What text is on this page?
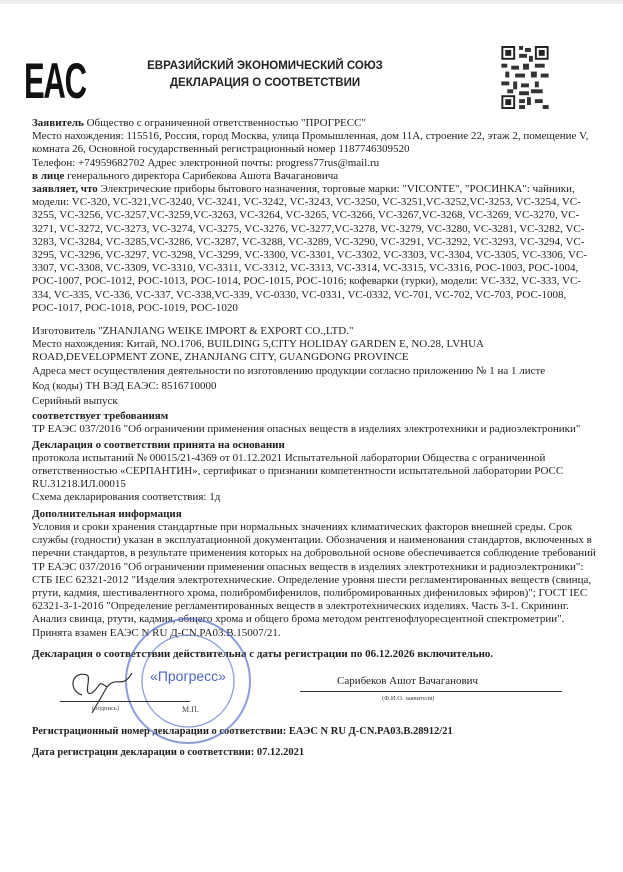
EAC	ЕВРАЗИЙСКИЙ ЭКОНОМИЧЕСКИЙ СОЮЗ
ДЕКЛАРАЦИЯ О СООТВЕТСТВИИ

Заявитель Общество с ограниченной ответственностью "ПРОГРЕСС"

Место нахождения: 115516, Россия, город Москва, улица Промышленная, дом 11А, строение 22, этаж 2, помещение V, комната 26, Основной государственный регистрационный номер 1187746309520

Телефон: +74959682702 Адрес электронной почты: progress77rus@mail.ru

в лице генерального директора Сарибекова Ашота Вачагановича

заявляет, что Электрические приборы бытового назначения, торговые марки: "VICONTE", "РОСИНКА": чайники, модели: VC-320, VC-321,VC-3240, VC-3241, VC-3242, VC-3243, VC-3250, VC-3251,VC-3252,VC-3253, VC-3254, VC-3255, VC-3256, VC-3257,VC-3259,VC-3263, VC-3264, VC-3265, VC-3266, VC-3267,VC-3268, VC-3269, VC-3270, VC-3271, VC-3272, VC-3273, VC-3274, VC-3275, VC-3276, VC-3277,VC-3278, VC-3279, VC-3280, VC-3281, VC-3282, VC-3283, VC-3284, VC-3285,VC-3286, VC-3287, VC-3288, VC-3289, VC-3290, VC-3291, VC-3292, VC-3293, VC-3294, VC-3295, VC-3296, VC-3297, VC-3298, VC-3299, VC-3300, VC-3301, VC-3302, VC-3303, VC-3304, VC-3305, VC-3306, VC-3307, VC-3308, VC-3309, VC-3310, VC-3311, VC-3312, VC-3313, VC-3314, VC-3315, VC-3316, РОС-1003, РОС-1004, РОС-1007, РОС-1012, РОС-1013, РОС-1014, РОС-1015, РОС-1016; кофеварки (турки), модели: VC-332, VC-333, VC-334, VC-335, VC-336, VC-337, VC-338,VC-339, VC-0330, VC-0331, VC-0332, VC-701, VC-702, VC-703, РОС-1008, РОС-1017, РОС-1018, РОС-1019, РОС-1020

Изготовитель "ZHANJIANG WEIKE IMPORT & EXPORT CO.,LTD."

Место нахождения: Китай, NO.1706, BUILDING 5,CITY HOLIDAY GARDEN E, NO.28, LVHUA ROAD,DEVELOPMENT ZONE, ZHANJIANG CITY, GUANGDONG PROVINCE

Адреса мест осуществления деятельности по изготовлению продукции согласно приложению № 1 на 1 листе

Код (коды) ТН ВЭД ЕАЭС: 8516710000

Серийный выпуск

соответствует требованиям

ТР ЕАЭС 037/2016 "Об ограничении применения опасных веществ в изделиях электротехники и радиоэлектроники"

Декларация о соответствии принята на основании

протокола испытаний № 00015/21-4369 от 01.12.2021 Испытательной лаборатории Общества с ограниченной ответственностью «СЕРПАНТИН», сертификат о признании компетентности испытательной лаборатории РОСС RU.31218.ИЛ.00015

Схема декларирования соответствия: 1д

Дополнительная информация

Условия и сроки хранения стандартные при нормальных значениях климатических факторов внешней среды. Срок службы (годности) указан в эксплуатационной документации. Обозначения и наименования стандартов, включенных в перечни стандартов, в результате применения которых на добровольной основе обеспечивается соблюдение требований ТР ЕАЭС 037/2016 "Об ограничении применения опасных веществ в изделиях электротехники и радиоэлектроники": СТБ IEC 62321-2012 "Изделия электротехнические. Определение уровня шести регламентированных веществ (свинца, ртути, кадмия, шестивалентного хрома, полибромбифенилов, полибромированных дифениловых эфиров)"; ГОСТ IEC 62321-3-1-2016 "Определение регламентированных веществ в электротехнических изделиях. Часть 3-1. Скрининг. Анализ свинца, ртути, кадмия, общего хрома и общего брома методом рентгенофлуоресцентной спектрометрии".

Принята взамен ЕАЭС N RU Д-CN.PA03.B.15007/21.

Декларация о соответствии действительна с даты регистрации по 06.12.2026 включительно.

«Прогресс»
(подпись)	М.П.
Сарибеков Ашот Вачаганович
(Ф.И.О. заявителя)

Регистрационный номер декларации о соответствии: ЕАЭС N RU Д-CN.PA03.B.28912/21

Дата регистрации декларации о соответствии: 07.12.2021
